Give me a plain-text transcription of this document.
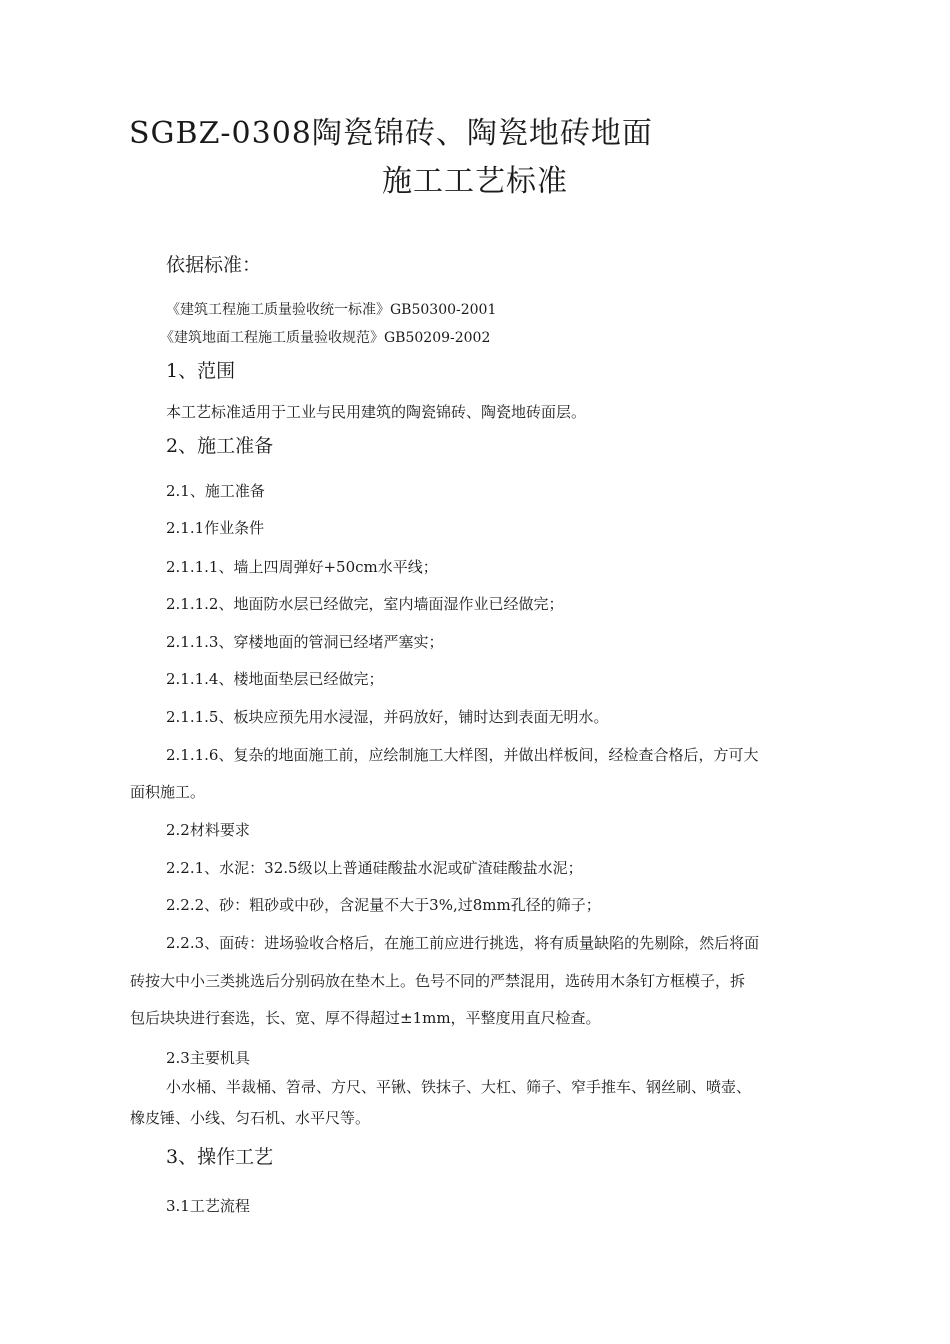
SGBZ-0308陶瓷锦砖、陶瓷地砖地面
施工工艺标准
依据标准：
《建筑工程施工质量验收统一标准》GB50300-2001
《建筑地面工程施工质量验收规范》GB50209-2002
1、范围
本工艺标准适用于工业与民用建筑的陶瓷锦砖、陶瓷地砖面层。
2、施工准备
2.1、施工准备
2.1.1作业条件
2.1.1.1、墙上四周弹好+50cm水平线；
2.1.1.2、地面防水层已经做完，室内墙面湿作业已经做完；
2.1.1.3、穿楼地面的管洞已经堵严塞实；
2.1.1.4、楼地面垫层已经做完；
2.1.1.5、板块应预先用水浸湿，并码放好，铺时达到表面无明水。
2.1.1.6、复杂的地面施工前，应绘制施工大样图，并做出样板间，经检查合格后，方可大
面积施工。
2.2材料要求
2.2.1、水泥：32.5级以上普通硅酸盐水泥或矿渣硅酸盐水泥；
2.2.2、砂：粗砂或中砂，含泥量不大于3%,过8mm孔径的筛子；
2.2.3、面砖：进场验收合格后，在施工前应进行挑选，将有质量缺陷的先剔除，然后将面
砖按大中小三类挑选后分别码放在垫木上。色号不同的严禁混用，选砖用木条钉方框模子，拆
包后块块进行套选，长、宽、厚不得超过±1mm，平整度用直尺检查。
2.3主要机具
小水桶、半裁桶、笤帚、方尺、平锹、铁抹子、大杠、筛子、窄手推车、钢丝刷、喷壶、
橡皮锤、小线、匀石机、水平尺等。
3、操作工艺
3.1工艺流程
